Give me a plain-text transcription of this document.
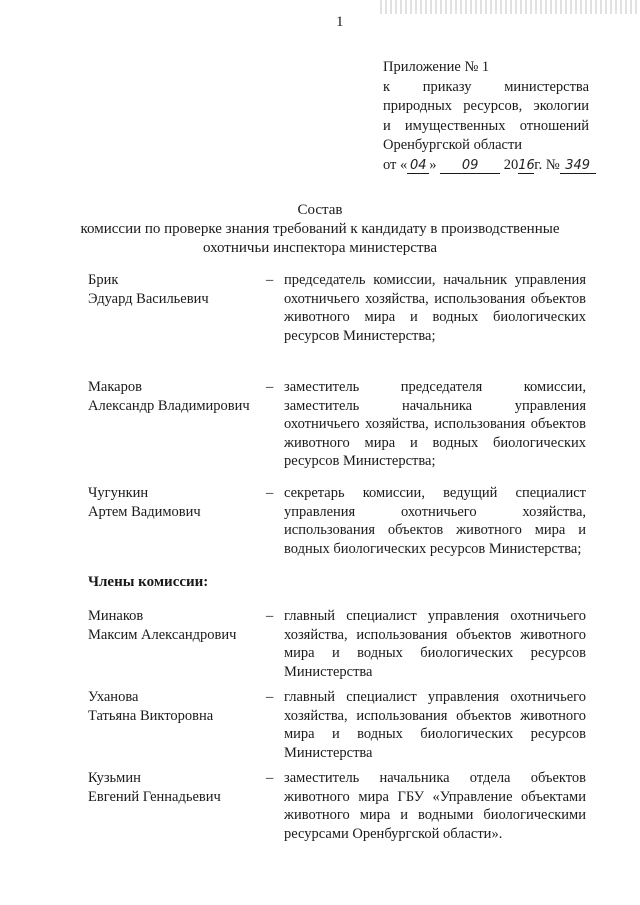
1
Приложение № 1
к приказу министерства
природных ресурсов, экологии
и имущественных отношений
Оренбургской области
от « 04 » 09 2016г. № 349
Состав
комиссии по проверке знания требований к кандидату в производственные
охотничьи инспектора министерства
Брик
Эдуард Васильевич
– председатель комиссии, начальник управления охотничьего хозяйства, использования объектов животного мира и водных биологических ресурсов Министерства;
Макаров
Александр Владимирович
– заместитель председателя комиссии, заместитель начальника управления охотничьего хозяйства, использования объектов животного мира и водных биологических ресурсов Министерства;
Чугункин
Артем Вадимович
– секретарь комиссии, ведущий специалист управления охотничьего хозяйства, использования объектов животного мира и водных биологических ресурсов Министерства;
Члены комиссии:
Минаков
Максим Александрович
– главный специалист управления охотничьего хозяйства, использования объектов животного мира и водных биологических ресурсов Министерства
Уханова
Татьяна Викторовна
– главный специалист управления охотничьего хозяйства, использования объектов животного мира и водных биологических ресурсов Министерства
Кузьмин
Евгений Геннадьевич
– заместитель начальника отдела объектов животного мира ГБУ «Управление объектами животного мира и водными биологическими ресурсами Оренбургской области».
